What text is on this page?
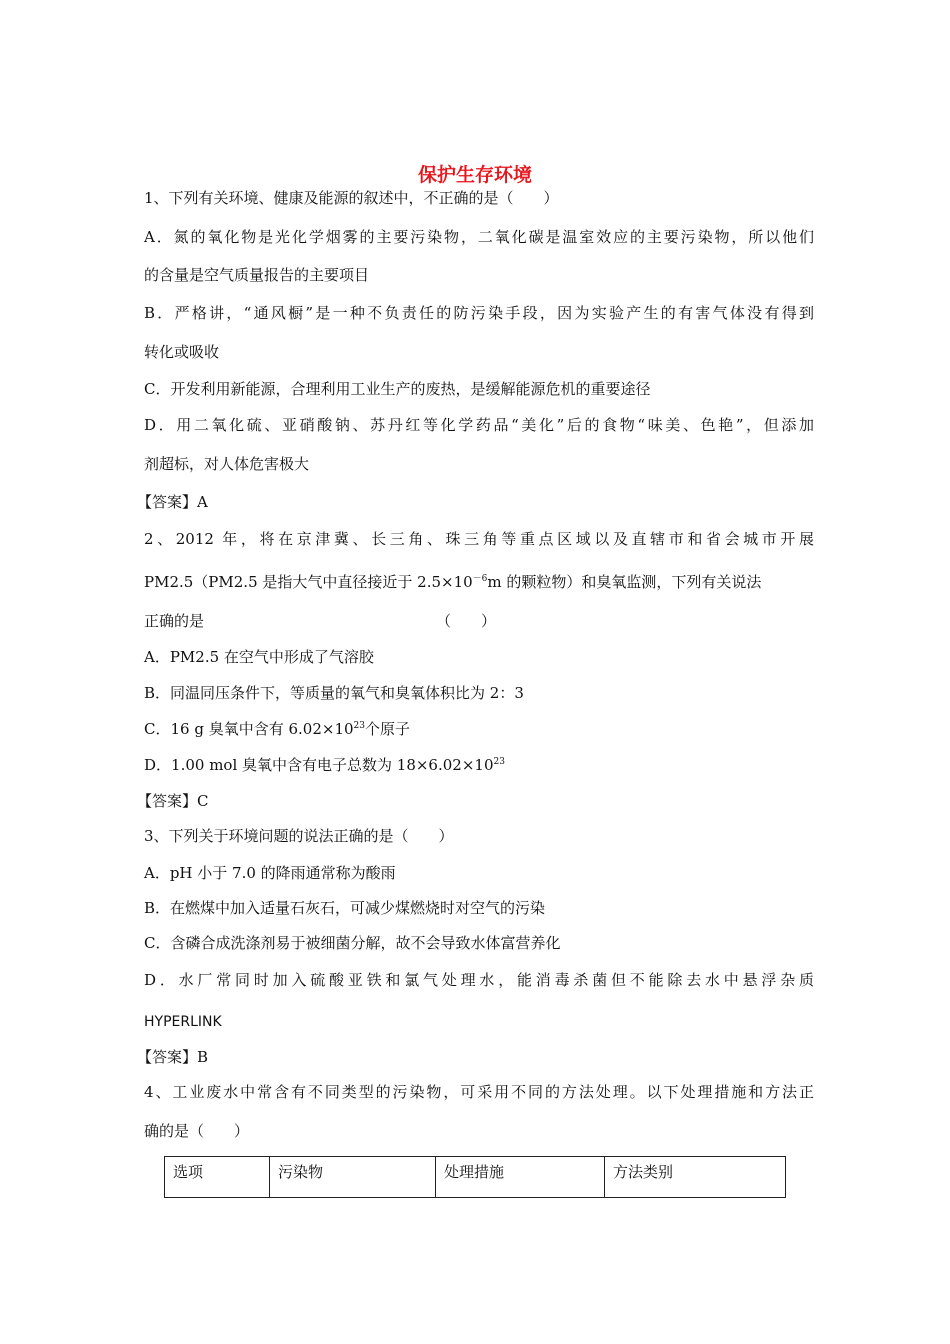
保护生存环境
1、下列有关环境、健康及能源的叙述中，不正确的是（　　）
A．氮的氧化物是光化学烟雾的主要污染物，二氧化碳是温室效应的主要污染物，所以他们
的含量是空气质量报告的主要项目
B．严格讲，“通风橱”是一种不负责任的防污染手段，因为实验产生的有害气体没有得到
转化或吸收
C．开发利用新能源，合理利用工业生产的废热，是缓解能源危机的重要途径
D．用二氧化硫、亚硝酸钠、苏丹红等化学药品“美化”后的食物“味美、色艳”，但添加
剂超标，对人体危害极大
【答案】A
2、2012 年，将在京津冀、长三角、珠三角等重点区域以及直辖市和省会城市开展
PM2.5（PM2.5 是指大气中直径接近于 $2.5\times 10^{-6}m$ 的颗粒物）和臭氧监测，下列有关说法
正确的是	（　　）
A．PM2.5 在空气中形成了气溶胶
B．同温同压条件下，等质量的氧气和臭氧体积比为 2：3
C．16 g 臭氧中含有 $6.02\times 10^{23}$个原子
D．1.00 mol 臭氧中含有电子总数为 $18\times 6.02\times 10^{23}$
【答案】C
3、下列关于环境问题的说法正确的是（　　）
A．pH 小于 7.0 的降雨通常称为酸雨
B．在燃煤中加入适量石灰石，可减少煤燃烧时对空气的污染
C．含磷合成洗涤剂易于被细菌分解，故不会导致水体富营养化
D．水厂常同时加入硫酸亚铁和氯气处理水，能消毒杀菌但不能除去水中悬浮杂质
HYPERLINK
【答案】B
4、工业废水中常含有不同类型的污染物，可采用不同的方法处理。以下处理措施和方法正
确的是（　　）
选项	污染物	处理措施	方法类别
